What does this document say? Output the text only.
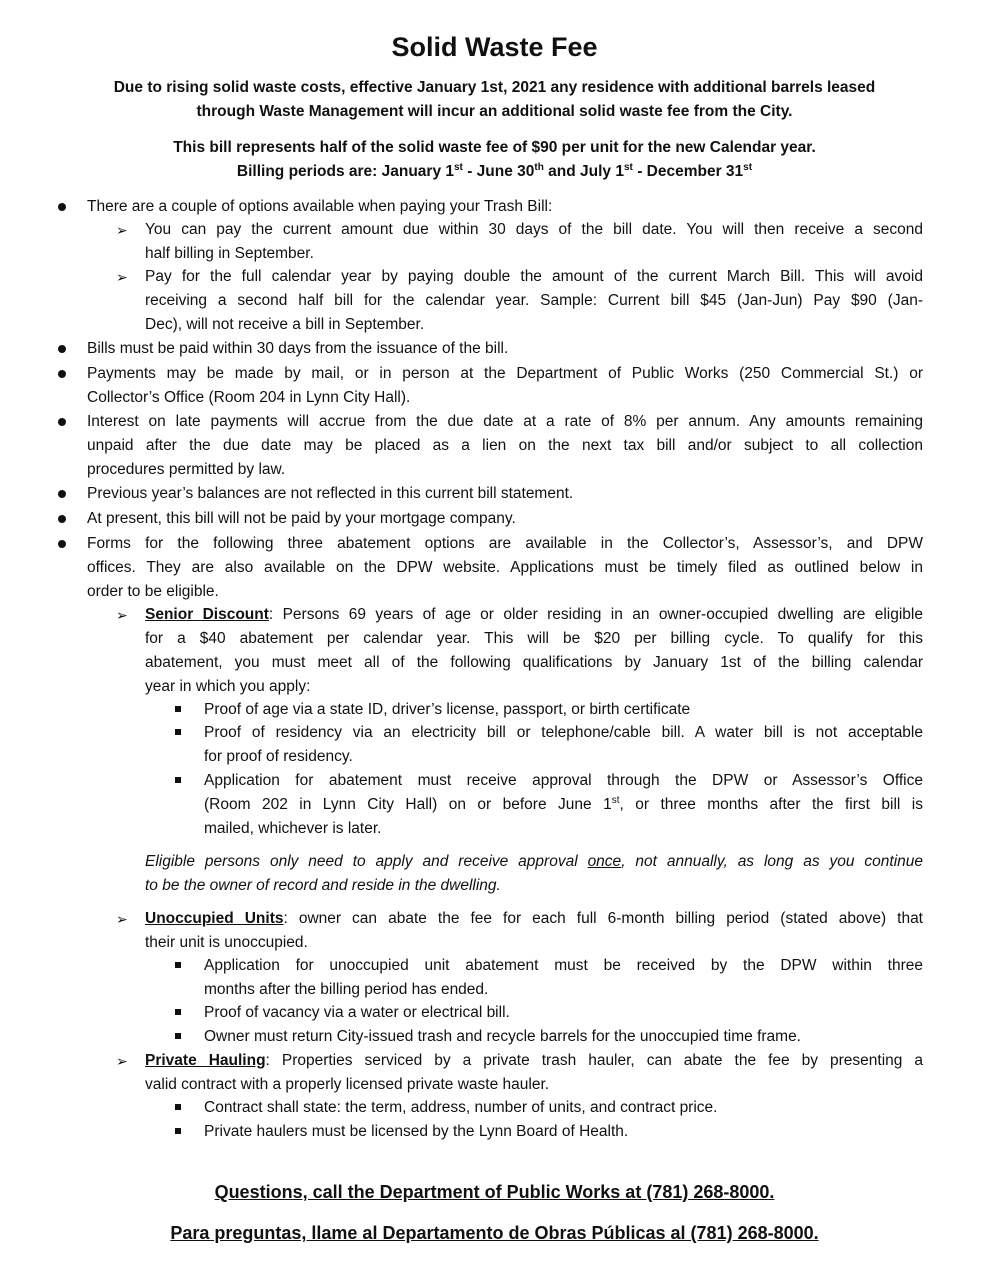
Solid Waste Fee
Due to rising solid waste costs, effective January 1st, 2021 any residence with additional barrels leased
through Waste Management will incur an additional solid waste fee from the City.
This bill represents half of the solid waste fee of $90 per unit for the new Calendar year.
Billing periods are: January 1st - June 30th and July 1st - December 31st
There are a couple of options available when paying your Trash Bill:
➢ You can pay the current amount due within 30 days of the bill date. You will then receive a second
half billing in September.
➢ Pay for the full calendar year by paying double the amount of the current March Bill. This will avoid
receiving a second half bill for the calendar year. Sample: Current bill $45 (Jan-Jun) Pay $90 (Jan-
Dec), will not receive a bill in September.
Bills must be paid within 30 days from the issuance of the bill.
Payments may be made by mail, or in person at the Department of Public Works (250 Commercial St.) or
Collector’s Office (Room 204 in Lynn City Hall).
Interest on late payments will accrue from the due date at a rate of 8% per annum. Any amounts remaining
unpaid after the due date may be placed as a lien on the next tax bill and/or subject to all collection
procedures permitted by law.
Previous year’s balances are not reflected in this current bill statement.
At present, this bill will not be paid by your mortgage company.
Forms for the following three abatement options are available in the Collector’s, Assessor’s, and DPW
offices. They are also available on the DPW website. Applications must be timely filed as outlined below in
order to be eligible.
➢ Senior Discount: Persons 69 years of age or older residing in an owner-occupied dwelling are eligible
for a $40 abatement per calendar year. This will be $20 per billing cycle. To qualify for this
abatement, you must meet all of the following qualifications by January 1st of the billing calendar
year in which you apply:
Proof of age via a state ID, driver’s license, passport, or birth certificate
Proof of residency via an electricity bill or telephone/cable bill. A water bill is not acceptable
for proof of residency.
Application for abatement must receive approval through the DPW or Assessor’s Office
(Room 202 in Lynn City Hall) on or before June 1st, or three months after the first bill is
mailed, whichever is later.
Eligible persons only need to apply and receive approval once, not annually, as long as you continue
to be the owner of record and reside in the dwelling.
➢ Unoccupied Units: owner can abate the fee for each full 6-month billing period (stated above) that
their unit is unoccupied.
Application for unoccupied unit abatement must be received by the DPW within three
months after the billing period has ended.
Proof of vacancy via a water or electrical bill.
Owner must return City-issued trash and recycle barrels for the unoccupied time frame.
➢ Private Hauling: Properties serviced by a private trash hauler, can abate the fee by presenting a
valid contract with a properly licensed private waste hauler.
Contract shall state: the term, address, number of units, and contract price.
Private haulers must be licensed by the Lynn Board of Health.
Questions, call the Department of Public Works at (781) 268-8000.
Para preguntas, llame al Departamento de Obras Públicas al (781) 268-8000.
